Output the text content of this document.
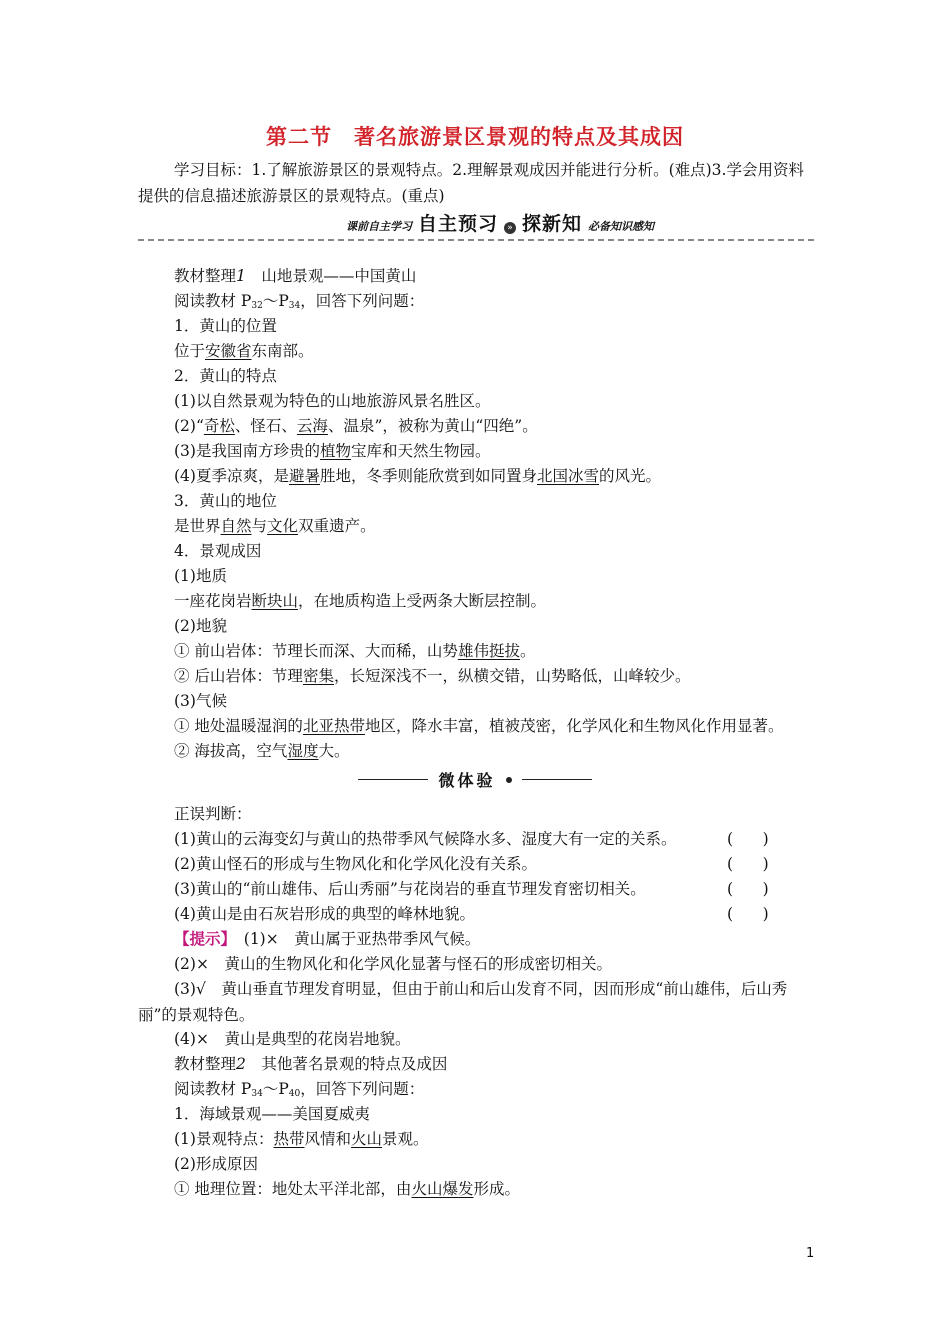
第二节　著名旅游景区景观的特点及其成因
学习目标：1.了解旅游景区的景观特点。2.理解景观成因并能进行分析。(难点)3.学会用资料提供的信息描述旅游景区的景观特点。(重点)
课前自主学习 自主预习	» 探新知 必备知识感知
教材整理1　山地景观——中国黄山
阅读教材 $P_{32}\sim P_{34}$，回答下列问题：
1．黄山的位置
位于安徽省东南部。
2．黄山的特点
(1)以自然景观为特色的山地旅游风景名胜区。
(2)“奇松、怪石、云海、温泉”，被称为黄山“四绝”。
(3)是我国南方珍贵的植物宝库和天然生物园。
(4)夏季凉爽，是避暑胜地，冬季则能欣赏到如同置身北国冰雪的风光。
3．黄山的地位
是世界自然与文化双重遗产。
4．景观成因
(1)地质
一座花岗岩断块山，在地质构造上受两条大断层控制。
(2)地貌
① 前山岩体：节理长而深、大而稀，山势雄伟挺拔。
② 后山岩体：节理密集，长短深浅不一，纵横交错，山势略低，山峰较少。
(3)气候
① 地处温暖湿润的北亚热带地区，降水丰富，植被茂密，化学风化和生物风化作用显著。
② 海拔高，空气湿度大。
微体验
正误判断：
(1)黄山的云海变幻与黄山的热带季风气候降水多、湿度大有一定的关系。	(      )
(2)黄山怪石的形成与生物风化和化学风化没有关系。	(      )
(3)黄山的“前山雄伟、后山秀丽”与花岗岩的垂直节理发育密切相关。	(      )
(4)黄山是由石灰岩形成的典型的峰林地貌。	(      )
【提示】　(1)×　黄山属于亚热带季风气候。
(2)×　黄山的生物风化和化学风化显著与怪石的形成密切相关。
(3)√　黄山垂直节理发育明显，但由于前山和后山发育不同，因而形成“前山雄伟，后山秀丽”的景观特色。
(4)×　黄山是典型的花岗岩地貌。
教材整理2　其他著名景观的特点及成因
阅读教材 $P_{34}\sim P_{40}$，回答下列问题：
1．海域景观——美国夏威夷
(1)景观特点：热带风情和火山景观。
(2)形成原因
① 地理位置：地处太平洋北部，由火山爆发形成。
1
